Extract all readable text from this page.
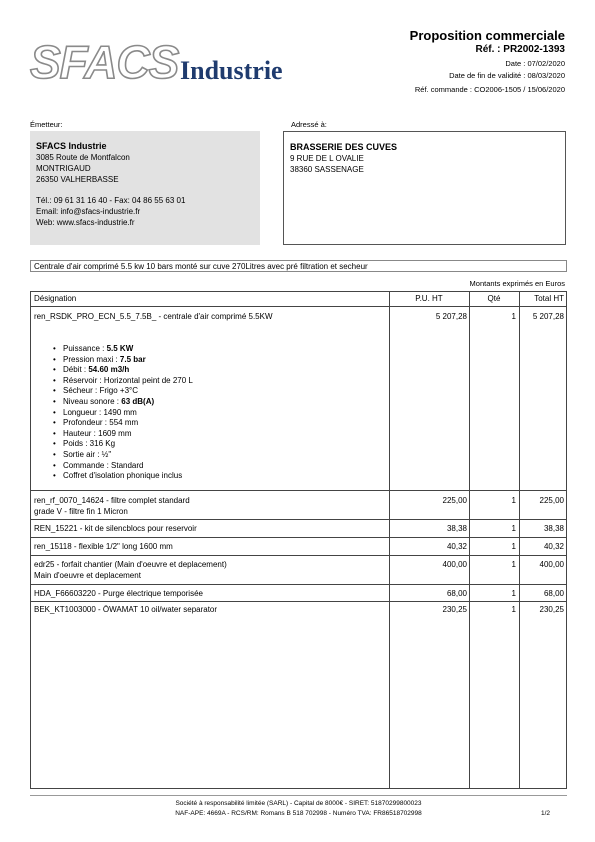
SFACS Industrie
Proposition commerciale
Réf. : PR2002-1393
Date : 07/02/2020
Date de fin de validité : 08/03/2020
Réf. commande : CO2006-1505 / 15/06/2020
Émetteur:
SFACS Industrie
3085 Route de Montfalcon
MONTRIGAUD
26350 VALHERBASSE
Tél.: 09 61 31 16 40 - Fax: 04 86 55 63 01
Email: info@sfacs-industrie.fr
Web: www.sfacs-industrie.fr
Adressé à:
BRASSERIE DES CUVES
9 RUE DE L OVALIE
38360 SASSENAGE
Centrale d'air comprimé 5.5 kw 10 bars monté sur cuve 270Litres avec pré filtration et secheur
Montants exprimés en Euros
Désignation	P.U. HT	Qté	Total HT
ren_RSDK_PRO_ECN_5.5_7.5B_ - centrale d'air comprimé 5.5KW	5 207,28	1	5 207,28
• Puissance : 5.5 KW
• Pression maxi : 7.5 bar
• Débit : 54.60 m3/h
• Réservoir : Horizontal peint de 270 L
• Sécheur : Frigo +3°C
• Niveau sonore : 63 dB(A)
• Longueur : 1490 mm
• Profondeur : 554 mm
• Hauteur : 1609 mm
• Poids : 316 Kg
• Sortie air : ½"
• Commande : Standard
• Coffret d'isolation phonique inclus
ren_rf_0070_14624 - filtre complet standard
grade V - filtre fin 1 Micron
225,00	1	225,00
REN_15221 - kit de silencblocs pour reservoir	38,38	1	38,38
ren_15118 - flexible 1/2" long 1600 mm	40,32	1	40,32
edr25 - forfait chantier (Main d'oeuvre et deplacement)
Main d'oeuvre et deplacement
400,00	1	400,00
HDA_F66603220 - Purge électrique temporisée	68,00	1	68,00
BEK_KT1003000 - ÖWAMAT 10 oil/water separator	230,25	1	230,25
Société à responsabilité limitée (SARL) - Capital de 8000€ - SIRET: 51870299800023
NAF-APE: 4669A - RCS/RM: Romans B 518 702998 - Numéro TVA: FR86518702998	1/2
